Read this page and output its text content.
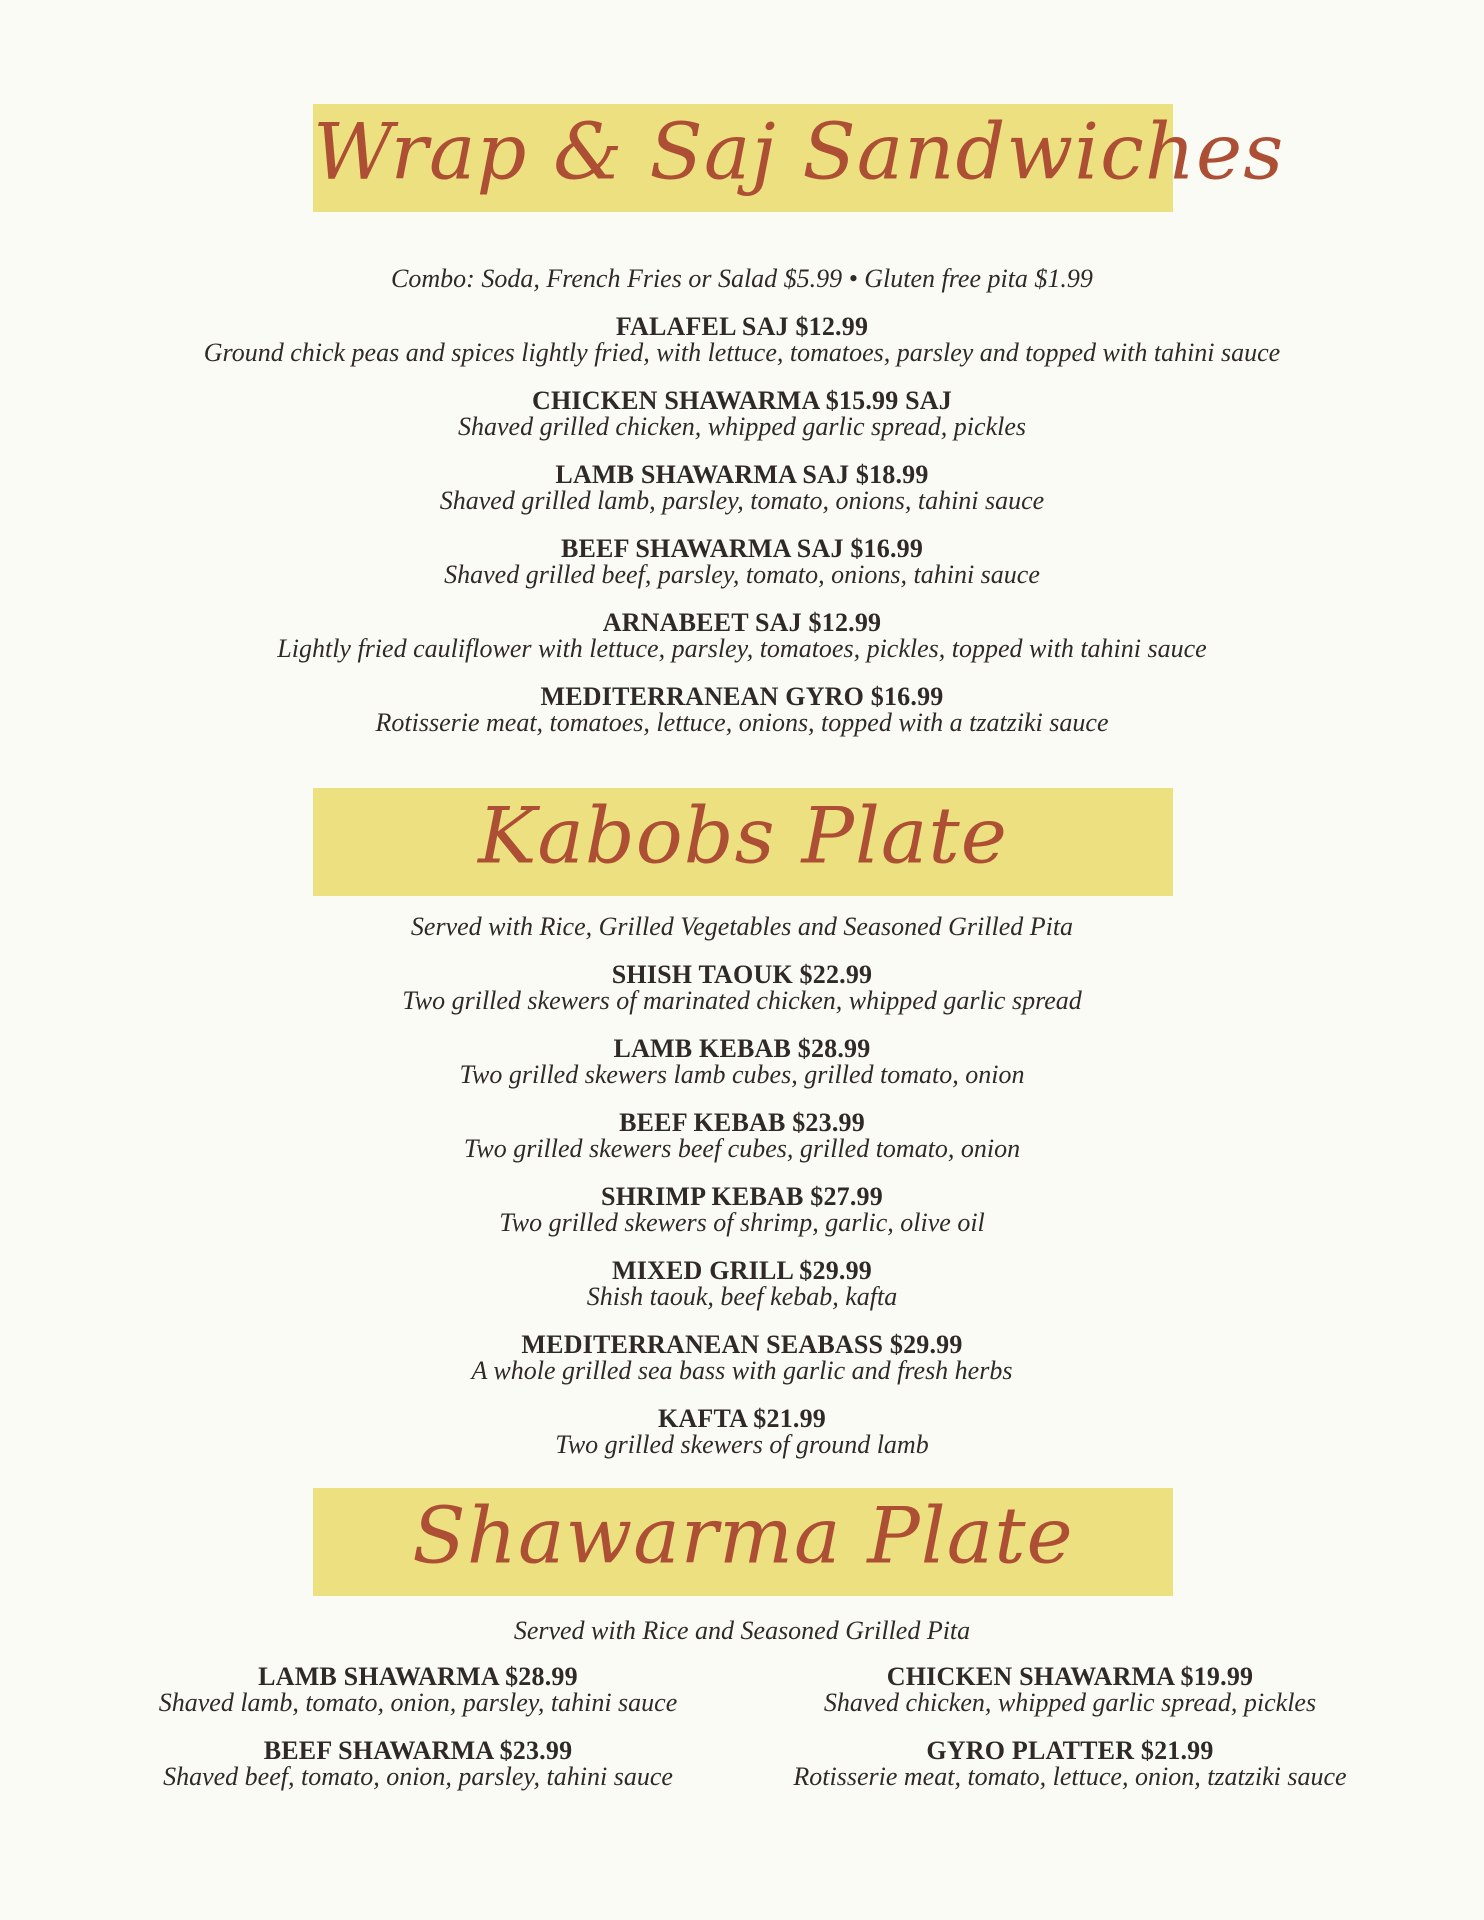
Wrap & Saj Sandwiches
Combo: Soda, French Fries or Salad $5.99 • Gluten free pita $1.99
FALAFEL SAJ $12.99
Ground chick peas and spices lightly fried, with lettuce, tomatoes, parsley and topped with tahini sauce
CHICKEN SHAWARMA $15.99 SAJ
Shaved grilled chicken, whipped garlic spread, pickles
LAMB SHAWARMA SAJ $18.99
Shaved grilled lamb, parsley, tomato, onions, tahini sauce
BEEF SHAWARMA SAJ $16.99
Shaved grilled beef, parsley, tomato, onions, tahini sauce
ARNABEET SAJ $12.99
Lightly fried cauliflower with lettuce, parsley, tomatoes, pickles, topped with tahini sauce
MEDITERRANEAN GYRO $16.99
Rotisserie meat, tomatoes, lettuce, onions, topped with a tzatziki sauce
Kabobs Plate
Served with Rice, Grilled Vegetables and Seasoned Grilled Pita
SHISH TAOUK $22.99
Two grilled skewers of marinated chicken, whipped garlic spread
LAMB KEBAB $28.99
Two grilled skewers lamb cubes, grilled tomato, onion
BEEF KEBAB $23.99
Two grilled skewers beef cubes, grilled tomato, onion
SHRIMP KEBAB $27.99
Two grilled skewers of shrimp, garlic, olive oil
MIXED GRILL $29.99
Shish taouk, beef kebab, kafta
MEDITERRANEAN SEABASS $29.99
A whole grilled sea bass with garlic and fresh herbs
KAFTA $21.99
Two grilled skewers of ground lamb
Shawarma Plate
Served with Rice and Seasoned Grilled Pita
LAMB SHAWARMA $28.99
Shaved lamb, tomato, onion, parsley, tahini sauce
BEEF SHAWARMA $23.99
Shaved beef, tomato, onion, parsley, tahini sauce
CHICKEN SHAWARMA $19.99
Shaved chicken, whipped garlic spread, pickles
GYRO PLATTER $21.99
Rotisserie meat, tomato, lettuce, onion, tzatziki sauce
